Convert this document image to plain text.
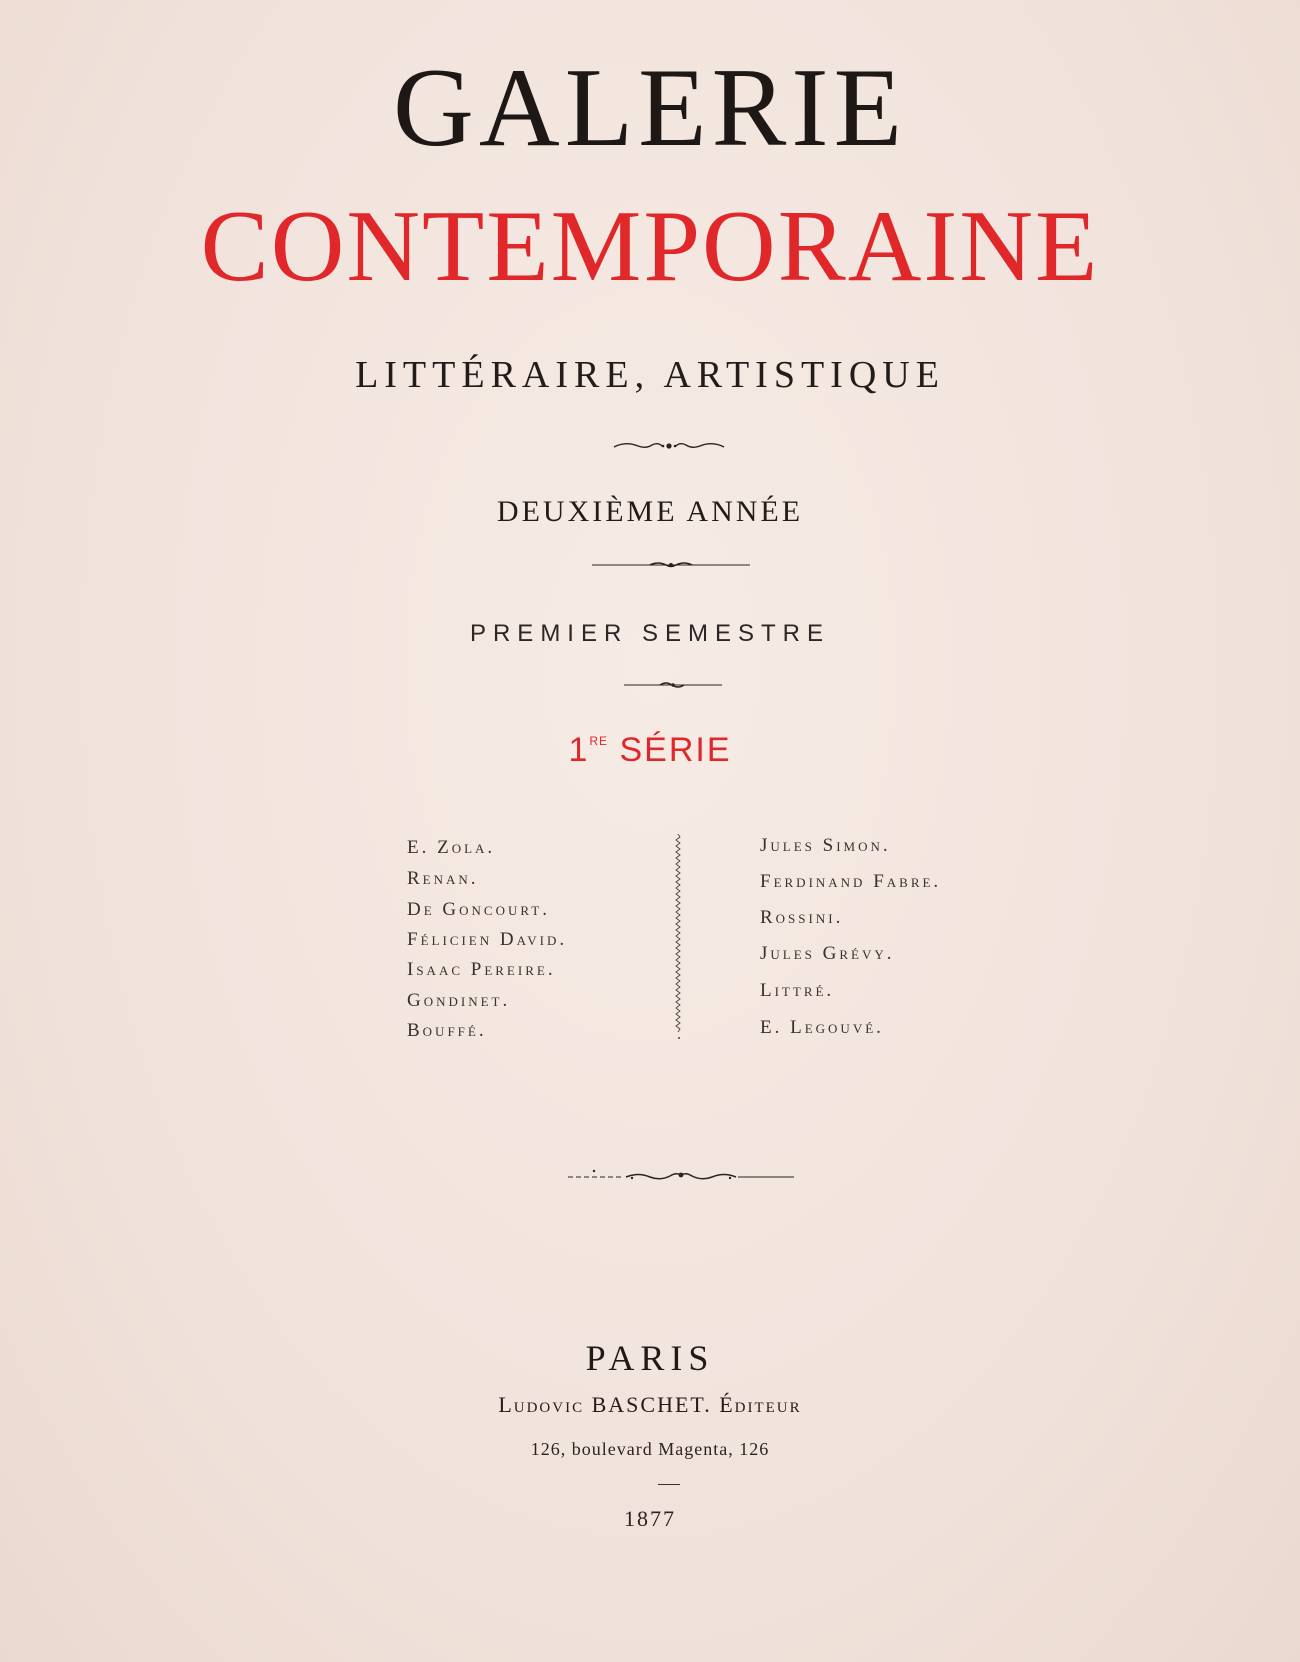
GALERIE
CONTEMPORAINE
LITTÉRAIRE, ARTISTIQUE
DEUXIÈME ANNÉE
PREMIER SEMESTRE
1RE SÉRIE
E. Zola.
Renan.
De Goncourt.
Félicien David.
Isaac Pereire.
Gondinet.
Bouffé.
Jules Simon.
Ferdinand Fabre.
Rossini.
Jules Grévy.
Littré.
E. Legouvé.
PARIS
Ludovic BASCHET. Éditeur
126, boulevard Magenta, 126
1877
